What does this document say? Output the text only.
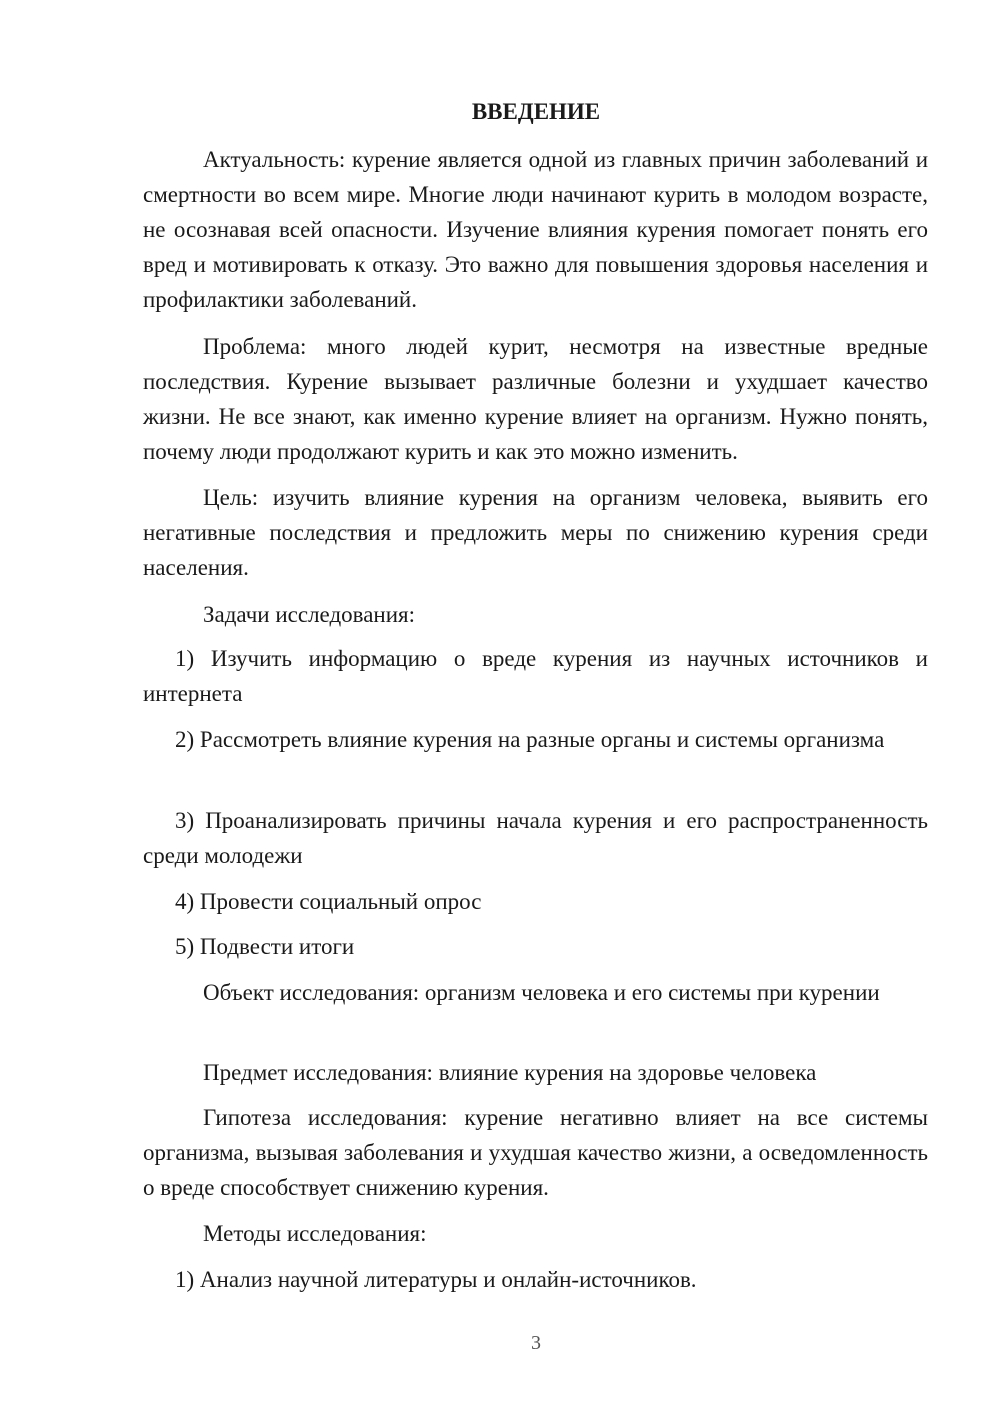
ВВЕДЕНИЕ
Актуальность: курение является одной из главных причин заболеваний и смертности во всем мире. Многие люди начинают курить в молодом возрасте, не осознавая всей опасности. Изучение влияния курения помогает понять его вред и мотивировать к отказу. Это важно для повышения здоровья населения и профилактики заболеваний.
Проблема: много людей курит, несмотря на известные вредные последствия. Курение вызывает различные болезни и ухудшает качество жизни. Не все знают, как именно курение влияет на организм. Нужно понять, почему люди продолжают курить и как это можно изменить.
Цель: изучить влияние курения на организм человека, выявить его негативные последствия и предложить меры по снижению курения среди населения.
Задачи исследования:
1) Изучить информацию о вреде курения из научных источников и интернета
2) Рассмотреть влияние курения на разные органы и системы организма
3) Проанализировать причины начала курения и его распространенность среди молодежи
4) Провести социальный опрос
5) Подвести итоги
Объект исследования: организм человека и его системы при курении
Предмет исследования: влияние курения на здоровье человека
Гипотеза исследования: курение негативно влияет на все системы организма, вызывая заболевания и ухудшая качество жизни, а осведомленность о вреде способствует снижению курения.
Методы исследования:
1) Анализ научной литературы и онлайн-источников.
3
